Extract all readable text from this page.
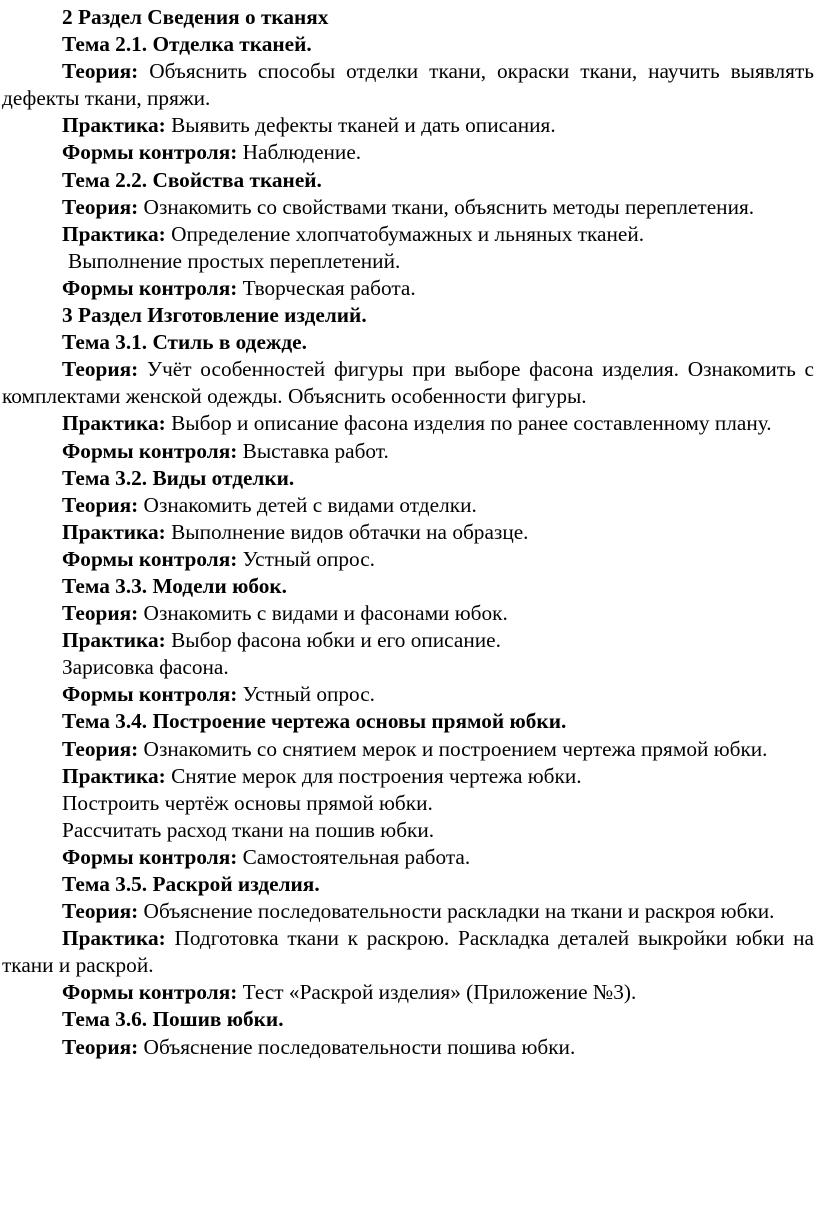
2 Раздел Сведения о тканях

Тема 2.1. Отделка тканей.

Теория: Объяснить способы отделки ткани, окраски ткани, научить выявлять дефекты ткани, пряжи.

Практика: Выявить дефекты тканей и дать описания.

Формы контроля: Наблюдение.

Тема 2.2. Свойства тканей.

Теория: Ознакомить со свойствами ткани, объяснить методы переплетения.

Практика: Определение хлопчатобумажных и льняных тканей.

Выполнение простых переплетений.

Формы контроля: Творческая работа.

3 Раздел Изготовление изделий.

Тема 3.1. Стиль в одежде.

Теория: Учёт особенностей фигуры при выборе фасона изделия. Ознакомить с комплектами женской одежды. Объяснить особенности фигуры.

Практика: Выбор и описание фасона изделия по ранее составленному плану.

Формы контроля: Выставка работ.

Тема 3.2. Виды отделки.

Теория: Ознакомить детей с видами отделки.

Практика: Выполнение видов обтачки на образце.

Формы контроля: Устный опрос.

Тема 3.3. Модели юбок.

Теория: Ознакомить с видами и фасонами юбок.

Практика: Выбор фасона юбки и его описание.

Зарисовка фасона.

Формы контроля: Устный опрос.

Тема 3.4. Построение чертежа основы прямой юбки.

Теория: Ознакомить со снятием мерок и построением чертежа прямой юбки.

Практика: Снятие мерок для построения чертежа юбки.

Построить чертёж основы прямой юбки.

Рассчитать расход ткани на пошив юбки.

Формы контроля: Самостоятельная работа.

Тема 3.5. Раскрой изделия.

Теория: Объяснение последовательности раскладки на ткани и раскроя юбки.

Практика: Подготовка ткани к раскрою. Раскладка деталей выкройки юбки на ткани и раскрой.

Формы контроля: Тест «Раскрой изделия» (Приложение №3).

Тема 3.6. Пошив юбки.

Теория: Объяснение последовательности пошива юбки.
